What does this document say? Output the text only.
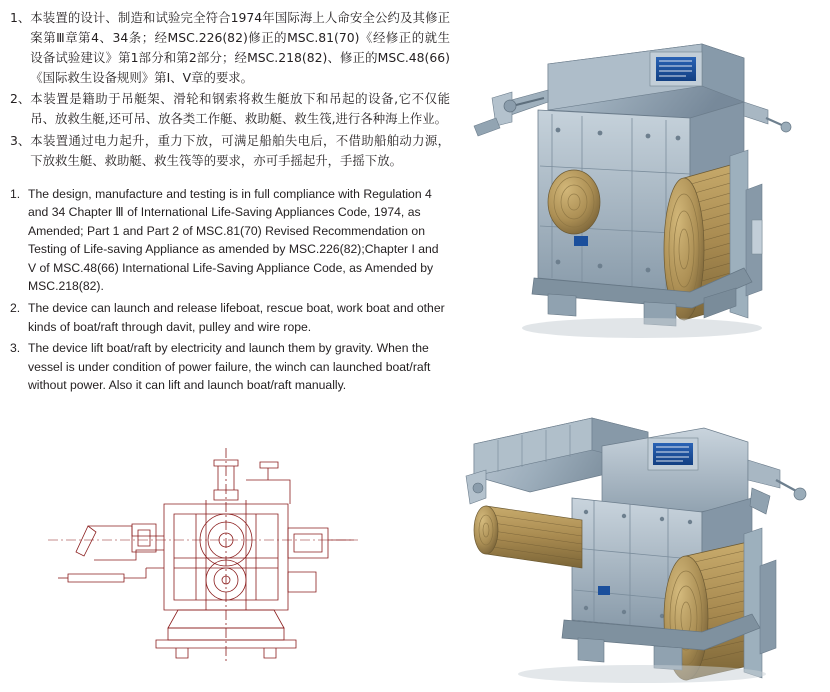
1、 本装置的设计、制造和试验完全符合1974年国际海上人命安全公约及其修正案第Ⅲ章第4、34条；经MSC.226(82)修正的MSC.81(70)《经修正的就生设备试验建议》第1部分和第2部分；经MSC.218(82)、修正的MSC.48(66)《国际救生设备规则》第Ⅰ、Ⅴ章的要求。
2、 本装置是籍助于吊艇架、滑轮和钢索将救生艇放下和吊起的设备,它不仅能吊、放救生艇,还可吊、放各类工作艇、救助艇、救生筏,进行各种海上作业。
3、 本装置通过电力起升，重力下放，可满足船舶失电后，不借助船舶动力源，下放救生艇、救助艇、救生筏等的要求，亦可手摇起升，手摇下放。
1. The design, manufacture and testing is in full compliance with Regulation 4 and 34 Chapter Ⅲ of International Life-Saving Appliances Code, 1974, as Amended; Part 1 and Part 2 of MSC.81(70) Revised Recommendation on Testing of Life-saving Appliance as amended by MSC.226(82);Chapter I and V of MSC.48(66) International Life-Saving Appliance Code, as Amended by MSC.218(82).
2. The device can launch and release lifeboat, rescue boat, work boat and other kinds of boat/raft through davit, pulley and wire rope.
3. The device lift boat/raft by electricity and launch them by gravity. When the vessel is under condition of power failure, the winch can launched boat/raft without power. Also it can lift and launch boat/raft manually.
